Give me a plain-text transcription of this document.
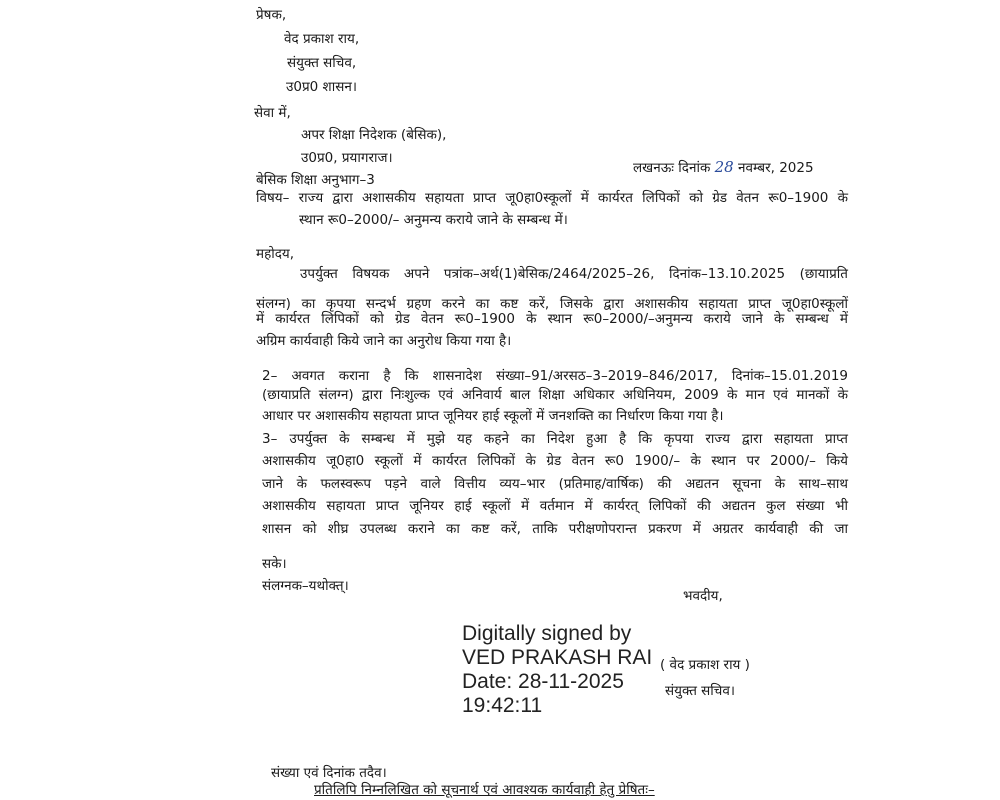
प्रेषक,
वेद प्रकाश राय,
संयुक्त सचिव,
उ0प्र0 शासन।
सेवा में,
अपर शिक्षा निदेशक (बेसिक),
उ0प्र0, प्रयागराज।
लखनऊः दिनांक 28 नवम्बर, 2025
बेसिक शिक्षा अनुभाग–3
विषय– राज्य द्वारा अशासकीय सहायता प्राप्त जू0हा0स्कूलों में कार्यरत लिपिकों को ग्रेड वेतन रू0–1900 के
स्थान रू0–2000/– अनुमन्य कराये जाने के सम्बन्ध में।
महोदय,
उपर्युक्त विषयक अपने पत्रांक–अर्थ(1)बेसिक/2464/2025–26, दिनांक–13.10.2025 (छायाप्रति
संलग्न) का कृपया सन्दर्भ ग्रहण करने का कष्ट करें, जिसके द्वारा अशासकीय सहायता प्राप्त जू0हा0स्कूलों
में कार्यरत लिपिकों को ग्रेड वेतन रू0–1900 के स्थान रू0–2000/–अनुमन्य कराये जाने के सम्बन्ध में
अग्रिम कार्यवाही किये जाने का अनुरोध किया गया है।
2– अवगत कराना है कि शासनादेश संख्या–91/अरसठ–3–2019–846/2017, दिनांक–15.01.2019
(छायाप्रति संलग्न) द्वारा निःशुल्क एवं अनिवार्य बाल शिक्षा अधिकार अधिनियम, 2009 के मान एवं मानकों के
आधार पर अशासकीय सहायता प्राप्त जूनियर हाई स्कूलों में जनशक्ति का निर्धारण किया गया है।
3– उपर्युक्त के सम्बन्ध में मुझे यह कहने का निदेश हुआ है कि कृपया राज्य द्वारा सहायता प्राप्त
अशासकीय जू0हा0 स्कूलों में कार्यरत लिपिकों के ग्रेड वेतन रू0 1900/– के स्थान पर 2000/– किये
जाने के फलस्वरूप पड़ने वाले वित्तीय व्यय–भार (प्रतिमाह/वार्षिक) की अद्यतन सूचना के साथ–साथ
अशासकीय सहायता प्राप्त जूनियर हाई स्कूलों में वर्तमान में कार्यरत् लिपिकों की अद्यतन कुल संख्या भी
शासन को शीघ्र उपलब्ध कराने का कष्ट करें, ताकि परीक्षणोपरान्त प्रकरण में अग्रतर कार्यवाही की जा
सके।
संलग्नक–यथोक्त्।
भवदीय,
Digitally signed by
VED PRAKASH RAI
Date: 28-11-2025
19:42:11
( वेद प्रकाश राय )
संयुक्त सचिव।
संख्या एवं दिनांक तदैव।
प्रतिलिपि निम्नलिखित को सूचनार्थ एवं आवश्यक कार्यवाही हेतु प्रेषितः–
